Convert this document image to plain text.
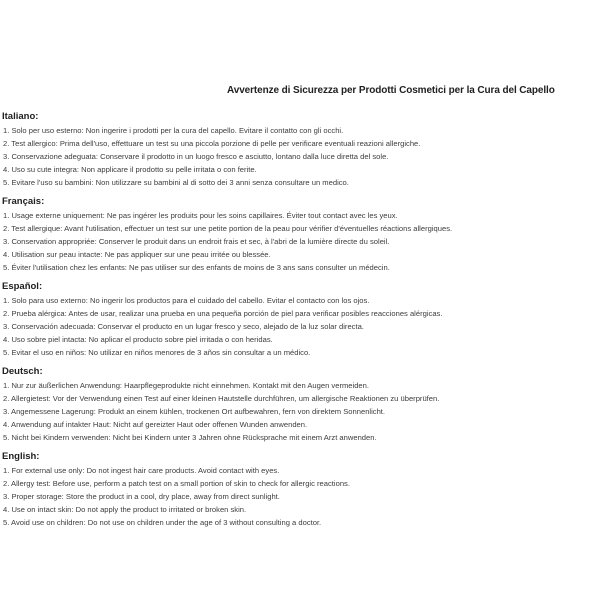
Avvertenze di Sicurezza per Prodotti Cosmetici per la Cura del Capello
Italiano:

1. Solo per uso esterno: Non ingerire i prodotti per la cura del capello. Evitare il contatto con gli occhi.

2. Test allergico: Prima dell'uso, effettuare un test su una piccola porzione di pelle per verificare eventuali reazioni allergiche.

3. Conservazione adeguata: Conservare il prodotto in un luogo fresco e asciutto, lontano dalla luce diretta del sole.

4. Uso su cute integra: Non applicare il prodotto su pelle irritata o con ferite.

5. Evitare l'uso su bambini: Non utilizzare su bambini al di sotto dei 3 anni senza consultare un medico.

Français:

1. Usage externe uniquement: Ne pas ingérer les produits pour les soins capillaires. Éviter tout contact avec les yeux.

2. Test allergique: Avant l'utilisation, effectuer un test sur une petite portion de la peau pour vérifier d'éventuelles réactions allergiques.

3. Conservation appropriée: Conserver le produit dans un endroit frais et sec, à l'abri de la lumière directe du soleil.

4. Utilisation sur peau intacte: Ne pas appliquer sur une peau irritée ou blessée.

5. Éviter l'utilisation chez les enfants: Ne pas utiliser sur des enfants de moins de 3 ans sans consulter un médecin.

Español:

1. Solo para uso externo: No ingerir los productos para el cuidado del cabello. Evitar el contacto con los ojos.

2. Prueba alérgica: Antes de usar, realizar una prueba en una pequeña porción de piel para verificar posibles reacciones alérgicas.

3. Conservación adecuada: Conservar el producto en un lugar fresco y seco, alejado de la luz solar directa.

4. Uso sobre piel intacta: No aplicar el producto sobre piel irritada o con heridas.

5. Evitar el uso en niños: No utilizar en niños menores de 3 años sin consultar a un médico.

Deutsch:

1. Nur zur äußerlichen Anwendung: Haarpflegeprodukte nicht einnehmen. Kontakt mit den Augen vermeiden.

2. Allergietest: Vor der Verwendung einen Test auf einer kleinen Hautstelle durchführen, um allergische Reaktionen zu überprüfen.

3. Angemessene Lagerung: Produkt an einem kühlen, trockenen Ort aufbewahren, fern von direktem Sonnenlicht.

4. Anwendung auf intakter Haut: Nicht auf gereizter Haut oder offenen Wunden anwenden.

5. Nicht bei Kindern verwenden: Nicht bei Kindern unter 3 Jahren ohne Rücksprache mit einem Arzt anwenden.

English:

1. For external use only: Do not ingest hair care products. Avoid contact with eyes.

2. Allergy test: Before use, perform a patch test on a small portion of skin to check for allergic reactions.

3. Proper storage: Store the product in a cool, dry place, away from direct sunlight.

4. Use on intact skin: Do not apply the product to irritated or broken skin.

5. Avoid use on children: Do not use on children under the age of 3 without consulting a doctor.
